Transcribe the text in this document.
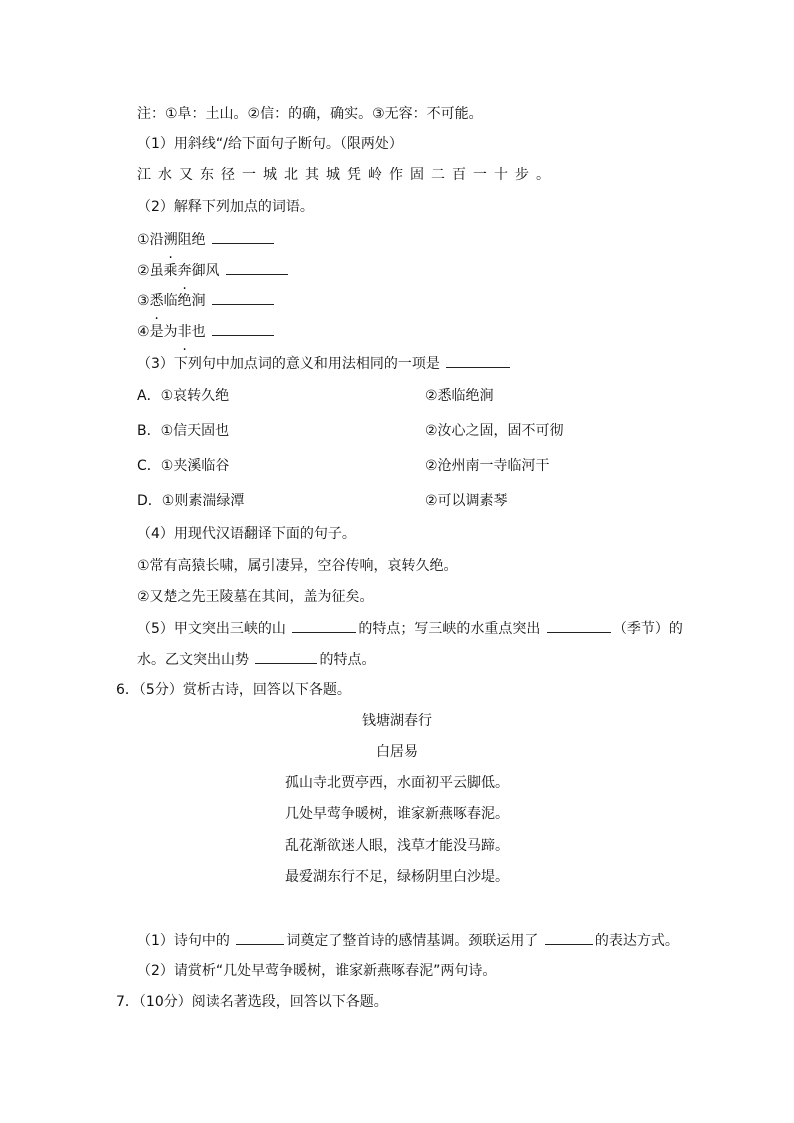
注：①阜：土山。②信：的确，确实。③无容：不可能。
（1）用斜线“/给下面句子断句。（限两处）
江水又东径一城北其城凭岭作固二百一十步。
（2）解释下列加点的词语。
①沿溯阻绝
②虽乘奔御风
③悉临绝涧
④是为非也
（3）下列句中加点词的意义和用法相同的一项是
A．①哀转久绝	②悉临绝涧
B．①信天固也	②汝心之固，固不可彻
C．①夹溪临谷	②沧州南一寺临河干
D．①则素湍绿潭	②可以调素琴
（4）用现代汉语翻译下面的句子。
①常有高猿长啸，属引凄异，空谷传响，哀转久绝。
②又楚之先王陵墓在其间，盖为征矣。
（5）甲文突出三峡的山	的特点；写三峡的水重点突出	（季节）的
水。乙文突出山势	的特点。
6．（5分）赏析古诗，回答以下各题。
钱塘湖春行
白居易
孤山寺北贾亭西，水面初平云脚低。
几处早莺争暖树，谁家新燕啄春泥。
乱花渐欲迷人眼，浅草才能没马蹄。
最爱湖东行不足，绿杨阴里白沙堤。
（1）诗句中的	词奠定了整首诗的感情基调。颈联运用了	的表达方式。
（2）请赏析“几处早莺争暖树，谁家新燕啄春泥”两句诗。
7．（10分）阅读名著选段，回答以下各题。
